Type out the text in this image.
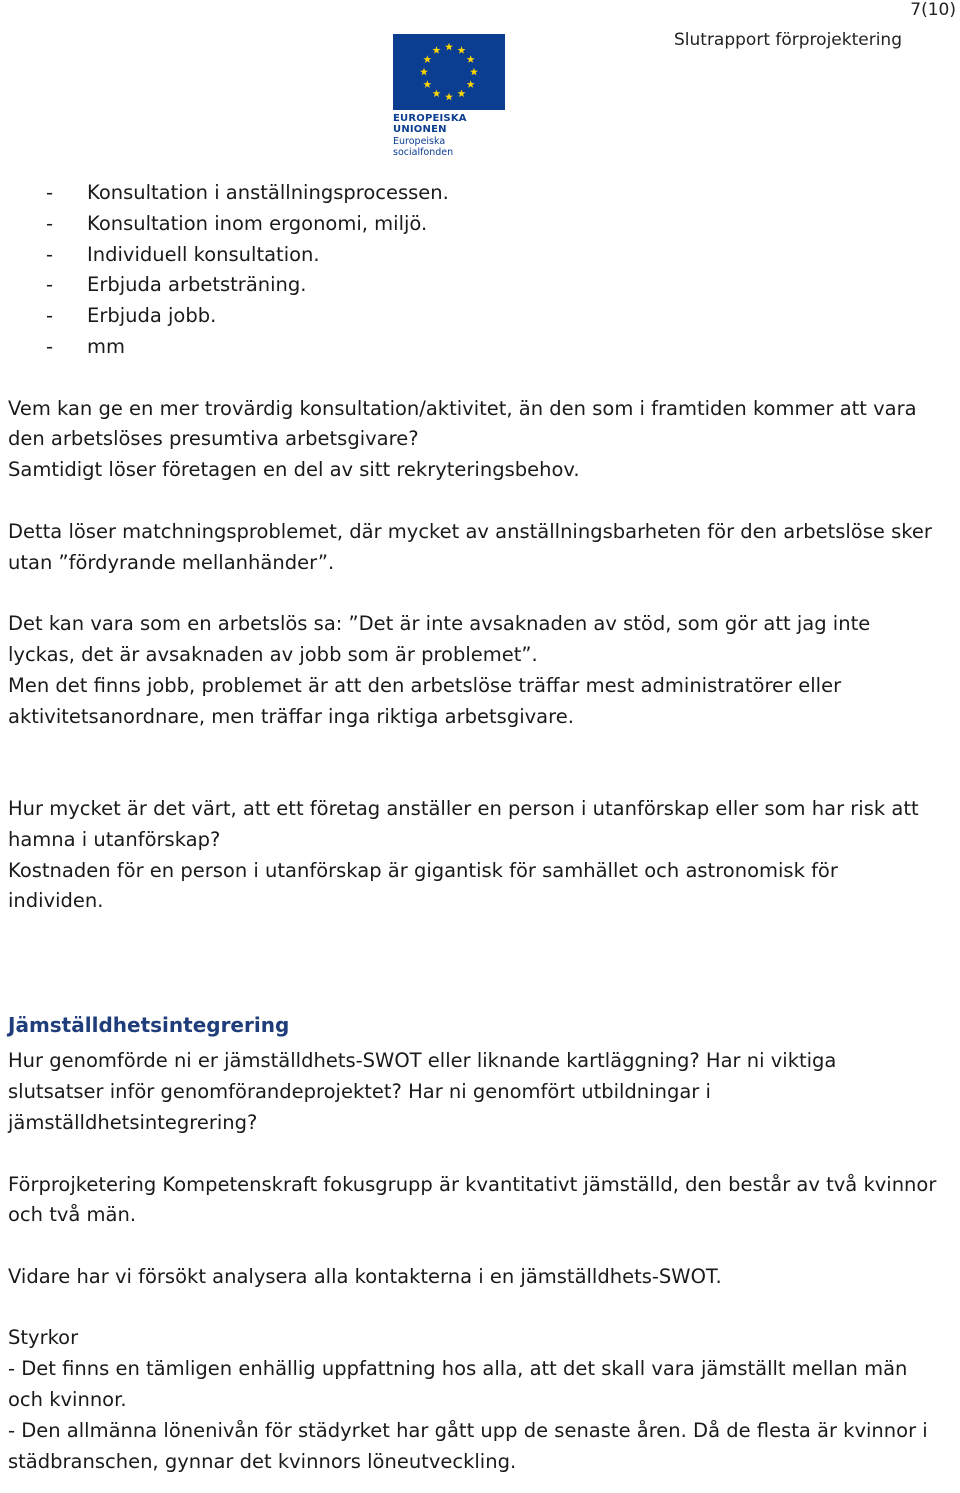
7(10)
Slutrapport förprojektering
EUROPEISKA UNIONEN
Europeiska socialfonden
- Konsultation i anställningsprocessen.
- Konsultation inom ergonomi, miljö.
- Individuell konsultation.
- Erbjuda arbetsträning.
- Erbjuda jobb.
- mm

Vem kan ge en mer trovärdig konsultation/aktivitet, än den som i framtiden kommer att vara den arbetslöses presumtiva arbetsgivare?

Samtidigt löser företagen en del av sitt rekryteringsbehov.

Detta löser matchningsproblemet, där mycket av anställningsbarheten för den arbetslöse sker utan ”fördyrande mellanhänder”.

Det kan vara som en arbetslös sa: ”Det är inte avsaknaden av stöd, som gör att jag inte lyckas, det är avsaknaden av jobb som är problemet”.

Men det finns jobb, problemet är att den arbetslöse träffar mest administratörer eller aktivitetsanordnare, men träffar inga riktiga arbetsgivare.

Hur mycket är det värt, att ett företag anställer en person i utanförskap eller som har risk att hamna i utanförskap?

Kostnaden för en person i utanförskap är gigantisk för samhället och astronomisk för individen.

Jämställdhetsintegrering

Hur genomförde ni er jämställdhets-SWOT eller liknande kartläggning? Har ni viktiga slutsatser inför genomförandeprojektet? Har ni genomfört utbildningar i jämställdhetsintegrering?

Förprojketering Kompetenskraft fokusgrupp är kvantitativt jämställd, den består av två kvinnor och två män.

Vidare har vi försökt analysera alla kontakterna i en jämställdhets-SWOT.

Styrkor

- Det finns en tämligen enhällig uppfattning hos alla, att det skall vara jämställt mellan män och kvinnor.

- Den allmänna lönenivån för städyrket har gått upp de senaste åren. Då de flesta är kvinnor i städbranschen, gynnar det kvinnors löneutveckling.
